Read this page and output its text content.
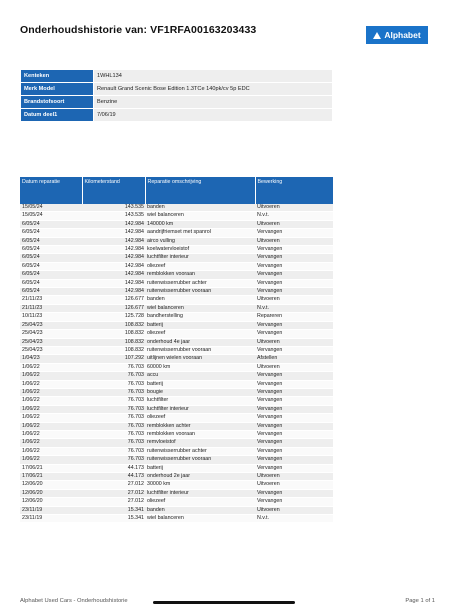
Onderhoudshistorie van: VF1RFA00163203433	Alphabet
Kenteken	1WHL134
Merk Model	Renault Grand Scenic Bose Edition 1.3TCe 140pk/cv 5p EDC
Brandstofsoort	Benzine
Datum deel1	7/06/19
Datum reparatie	Kilometerstand	Reparatie omschrijving	Bewerking
15/05/24	143.535	banden	Uitvoeren
15/05/24	143.535	wiel balanceren	N.v.t.
6/05/24	142.984	140000 km	Uitvoeren
6/05/24	142.984	aandrijfriemset met spanrol	Vervangen
6/05/24	142.984	airco vulling	Uitvoeren
6/05/24	142.984	koelwatervloeistof	Vervangen
6/05/24	142.984	luchtfilter interieur	Vervangen
6/05/24	142.984	oliezeef	Vervangen
6/05/24	142.984	remblokken vooraan	Vervangen
6/05/24	142.984	ruitenwisserrubber achter	Vervangen
6/05/24	142.984	ruitenwisserrubber vooraan	Vervangen
21/11/23	126.677	banden	Uitvoeren
21/11/23	126.677	wiel balanceren	N.v.t.
10/11/23	125.728	bandherstelling	Repareren
25/04/23	108.832	batterij	Vervangen
25/04/23	108.832	oliezeef	Vervangen
25/04/23	108.832	onderhoud 4e jaar	Uitvoeren
25/04/23	108.832	ruitenwisserrubber vooraan	Vervangen
1/04/23	107.292	uitlijnen wielen vooraan	Afstellen
1/06/22	76.703	60000 km	Uitvoeren
1/06/22	76.703	accu	Vervangen
1/06/22	76.703	batterij	Vervangen
1/06/22	76.703	bougie	Vervangen
1/06/22	76.703	luchtfilter	Vervangen
1/06/22	76.703	luchtfilter interieur	Vervangen
1/06/22	76.703	oliezeef	Vervangen
1/06/22	76.703	remblokken achter	Vervangen
1/06/22	76.703	remblokken vooraan	Vervangen
1/06/22	76.703	remvloeistof	Vervangen
1/06/22	76.703	ruitenwisserrubber achter	Vervangen
1/06/22	76.703	ruitenwisserrubber vooraan	Vervangen
17/06/21	44.173	batterij	Vervangen
17/06/21	44.173	onderhoud 2e jaar	Uitvoeren
12/06/20	27.012	30000 km	Uitvoeren
12/06/20	27.012	luchtfilter interieur	Vervangen
12/06/20	27.012	oliezeef	Vervangen
23/11/19	15.341	banden	Uitvoeren
23/11/19	15.341	wiel balanceren	N.v.t.
Alphabet Used Cars - Onderhoudshistorie	Page 1 of 1
